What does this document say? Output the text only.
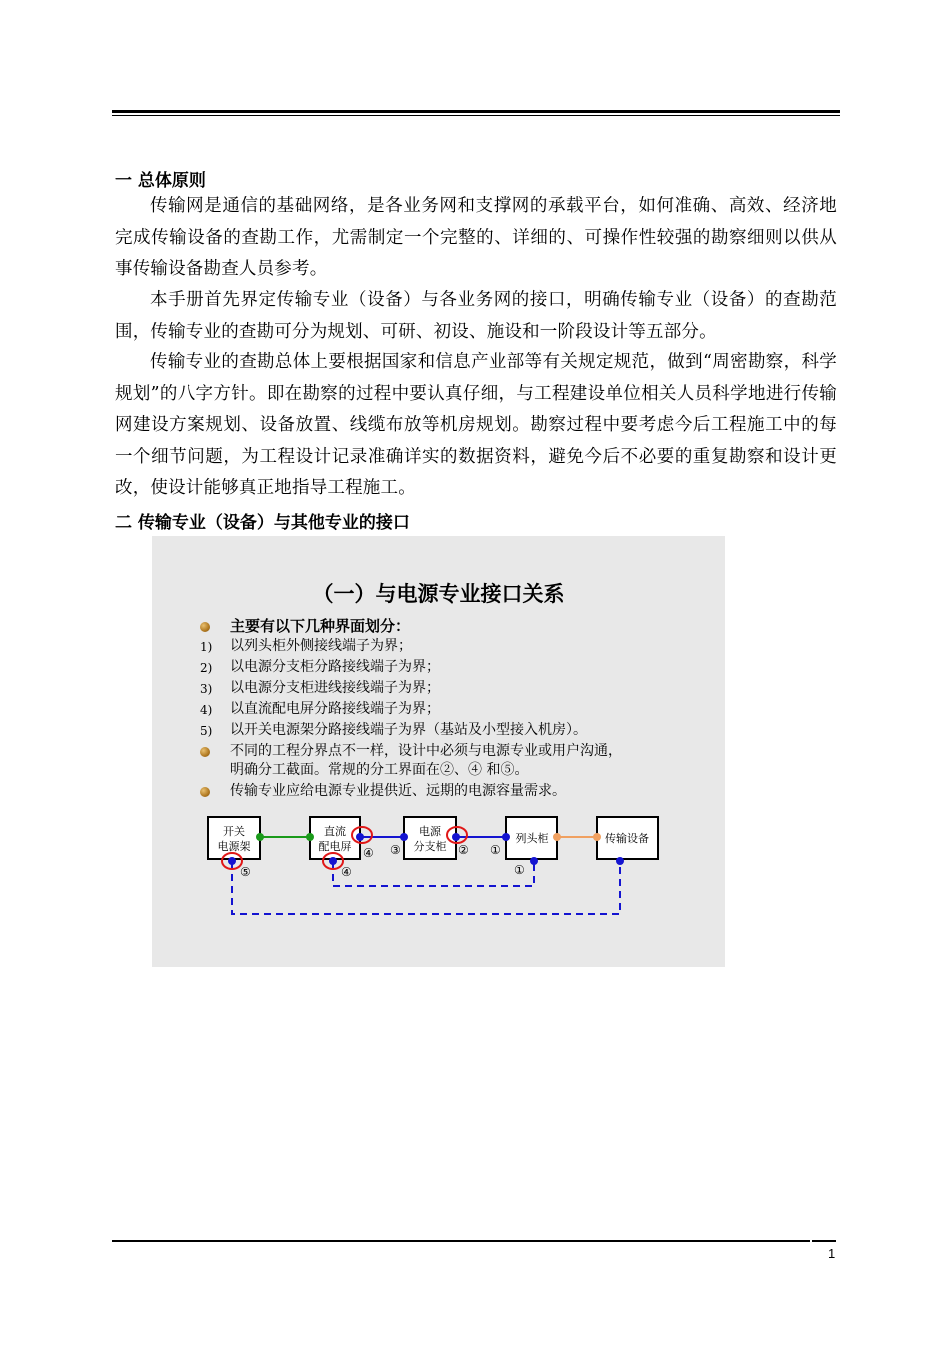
一 总体原则
传输网是通信的基础网络，是各业务网和支撑网的承载平台，如何准确、高效、经济地完成传输设备的查勘工作，尤需制定一个完整的、详细的、可操作性较强的勘察细则以供从事传输设备勘查人员参考。
本手册首先界定传输专业（设备）与各业务网的接口，明确传输专业（设备）的查勘范围，传输专业的查勘可分为规划、可研、初设、施设和一阶段设计等五部分。
传输专业的查勘总体上要根据国家和信息产业部等有关规定规范，做到“周密勘察，科学规划”的八字方针。即在勘察的过程中要认真仔细，与工程建设单位相关人员科学地进行传输网建设方案规划、设备放置、线缆布放等机房规划。勘察过程中要考虑今后工程施工中的每一个细节问题，为工程设计记录准确详实的数据资料，避免今后不必要的重复勘察和设计更改，使设计能够真正地指导工程施工。
二 传输专业（设备）与其他专业的接口
（一）与电源专业接口关系
主要有以下几种界面划分：
1) 以列头柜外侧接线端子为界；
2) 以电源分支柜分路接线端子为界；
3) 以电源分支柜进线接线端子为界；
4) 以直流配电屏分路接线端子为界；
5) 以开关电源架分路接线端子为界（基站及小型接入机房）。
不同的工程分界点不一样，设计中必须与电源专业或用户沟通，
明确分工截面。常规的分工界面在②、④ 和⑤。
传输专业应给电源专业提供近、远期的电源容量需求。
开关
电源架
直流
配电屏
电源
分支柜
列头柜	传输设备
⑤	④
④ ③	② ①
①
1
